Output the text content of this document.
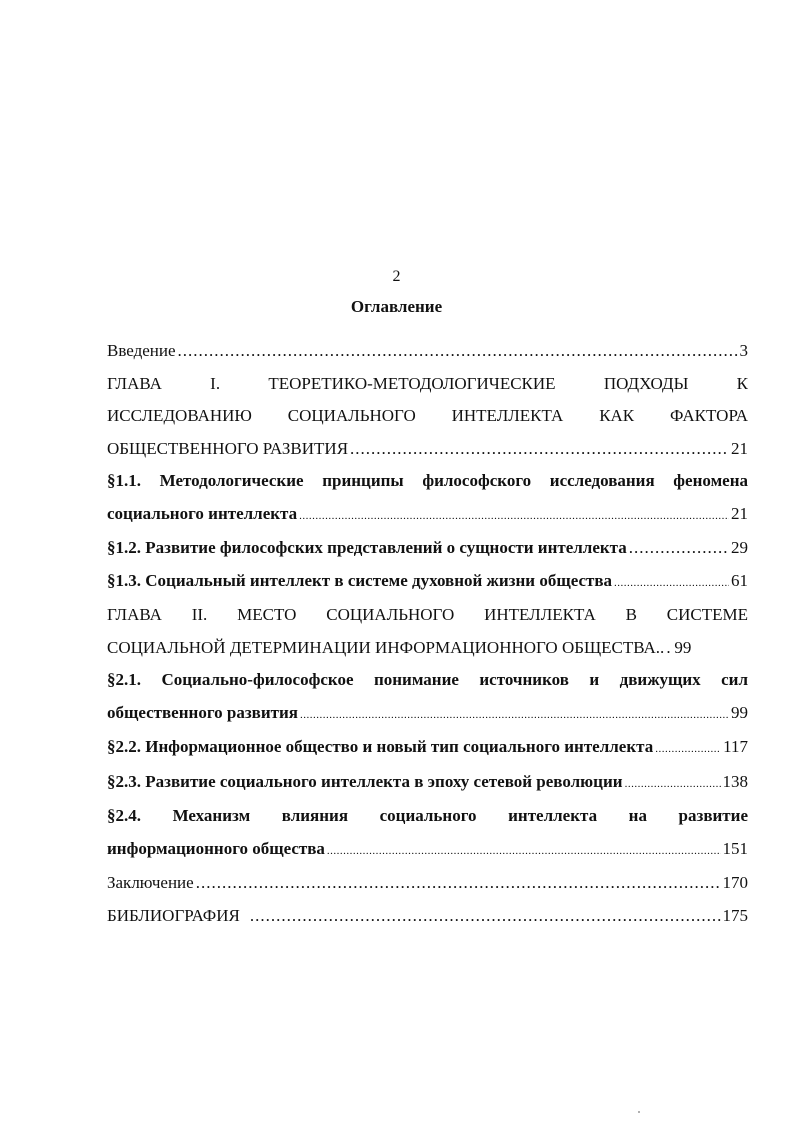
2
Оглавление
Введение .....	3
ГЛАВА I. ТЕОРЕТИКО-МЕТОДОЛОГИЧЕСКИЕ ПОДХОДЫ К
ИССЛЕДОВАНИЮ СОЦИАЛЬНОГО ИНТЕЛЛЕКТА КАК ФАКТОРА
ОБЩЕСТВЕННОГО РАЗВИТИЯ .....	21
§1.1. Методологические принципы философского исследования феномена
социального интеллекта .....	21
§1.2. Развитие философских представлений о сущности интеллекта .....	29
§1.3. Социальный интеллект в системе духовной жизни общества .....	61
ГЛАВА II. МЕСТО СОЦИАЛЬНОГО ИНТЕЛЛЕКТА В СИСТЕМЕ
СОЦИАЛЬНОЙ ДЕТЕРМИНАЦИИ ИНФОРМАЦИОННОГО ОБЩЕСТВА.. ..... 99
§2.1. Социально-философское понимание источников и движущих сил
общественного развития .....	99
§2.2. Информационное общество и новый тип социального интеллекта .....	117
§2.3. Развитие социального интеллекта в эпоху сетевой революции .....	138
§2.4. Механизм влияния социального интеллекта на развитие
информационного общества .....	151
Заключение .....	170
БИБЛИОГРАФИЯ .....	175
